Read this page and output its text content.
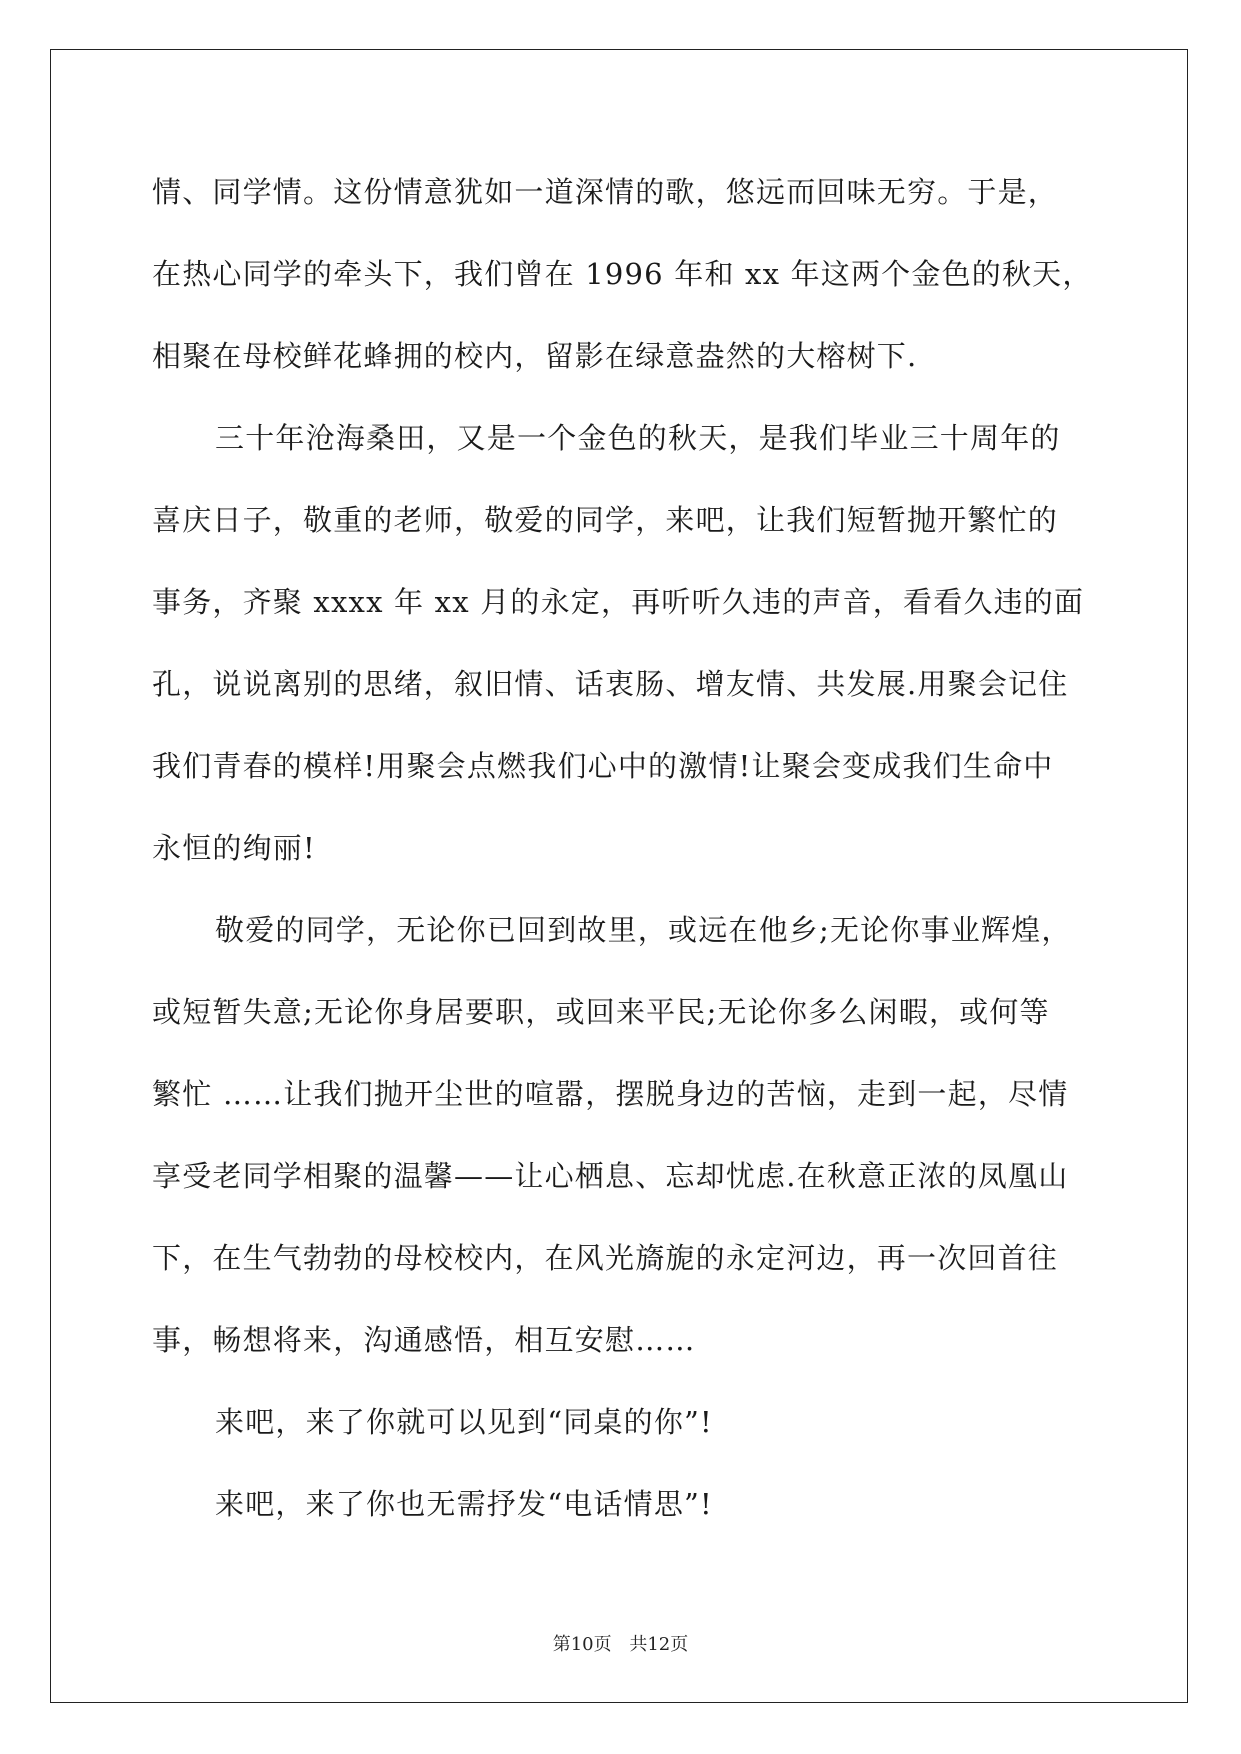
情、同学情。这份情意犹如一道深情的歌，悠远而回味无穷。于是，
在热心同学的牵头下，我们曾在 1996 年和 xx 年这两个金色的秋天，
相聚在母校鲜花蜂拥的校内，留影在绿意盎然的大榕树下.
三十年沧海桑田，又是一个金色的秋天，是我们毕业三十周年的
喜庆日子，敬重的老师，敬爱的同学，来吧，让我们短暂抛开繁忙的
事务，齐聚 xxxx 年 xx 月的永定，再听听久违的声音，看看久违的面
孔，说说离别的思绪，叙旧情、话衷肠、增友情、共发展.用聚会记住
我们青春的模样!用聚会点燃我们心中的激情!让聚会变成我们生命中
永恒的绚丽!
敬爱的同学，无论你已回到故里，或远在他乡;无论你事业辉煌，
或短暂失意;无论你身居要职，或回来平民;无论你多么闲暇，或何等
繁忙 ……让我们抛开尘世的喧嚣，摆脱身边的苦恼，走到一起，尽情
享受老同学相聚的温馨——让心栖息、忘却忧虑.在秋意正浓的凤凰山
下，在生气勃勃的母校校内，在风光旖旎的永定河边，再一次回首往
事，畅想将来，沟通感悟，相互安慰……
来吧，来了你就可以见到“同桌的你”!
来吧，来了你也无需抒发“电话情思”!
第10页 共12页
